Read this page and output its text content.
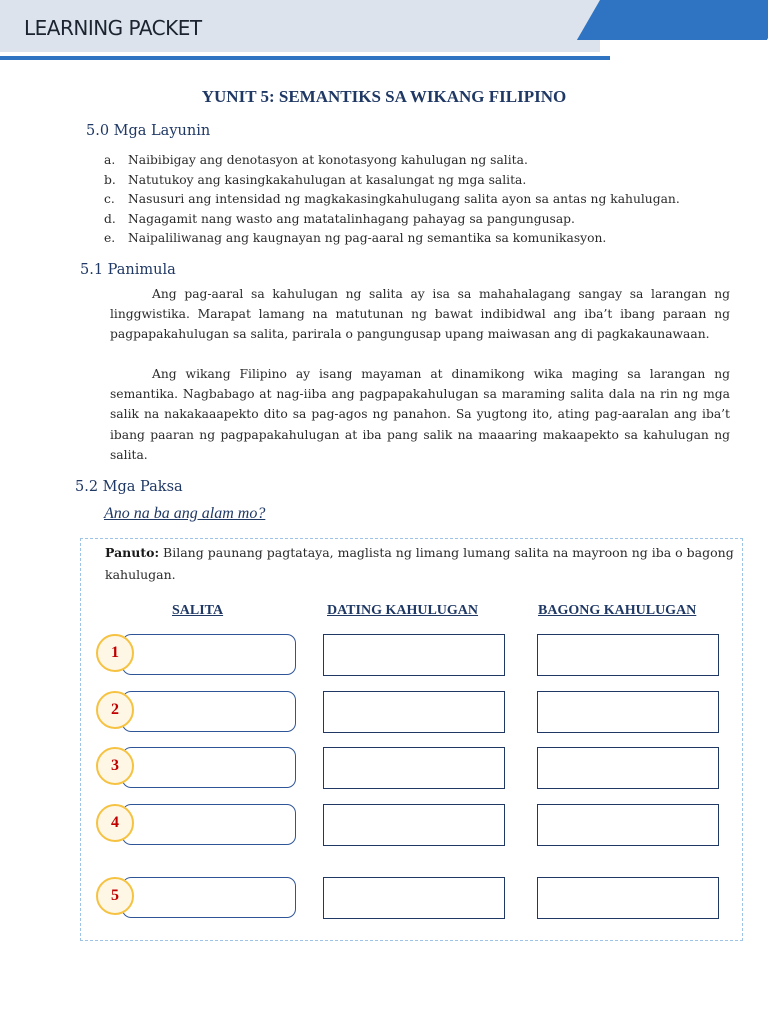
LEARNING PACKET
YUNIT 5: SEMANTIKS SA WIKANG FILIPINO
5.0 Mga Layunin
a. Naibibigay ang denotasyon at konotasyong kahulugan ng salita.
b. Natutukoy ang kasingkakahulugan at kasalungat ng mga salita.
c. Nasusuri ang intensidad ng magkakasingkahulugang salita ayon sa antas ng kahulugan.
d. Nagagamit nang wasto ang matatalinhagang pahayag sa pangungusap.
e. Naipaliliwanag ang kaugnayan ng pag-aaral ng semantika sa komunikasyon.
5.1 Panimula

Ang pag-aaral sa kahulugan ng salita ay isa sa mahahalagang sangay sa larangan ng linggwistika. Marapat lamang na matutunan ng bawat indibidwal ang iba’t ibang paraan ng pagpapakahulugan sa salita, parirala o pangungusap upang maiwasan ang di pagkakaunawaan.

Ang wikang Filipino ay isang mayaman at dinamikong wika maging sa larangan ng semantika. Nagbabago at nag-iiba ang pagpapakahulugan sa maraming salita dala na rin ng mga salik na nakakaaapekto dito sa pag-agos ng panahon. Sa yugtong ito, ating pag-aaralan ang iba’t ibang paaran ng pagpapakahulugan at iba pang salik na maaaring makaapekto sa kahulugan ng salita.

5.2 Mga Paksa
Ano na ba ang alam mo?
Panuto: Bilang paunang pagtataya, maglista ng limang lumang salita na mayroon ng iba o bagong kahulugan.
SALITA	DATING KAHULUGAN	BAGONG KAHULUGAN
1
2
3
4
5
